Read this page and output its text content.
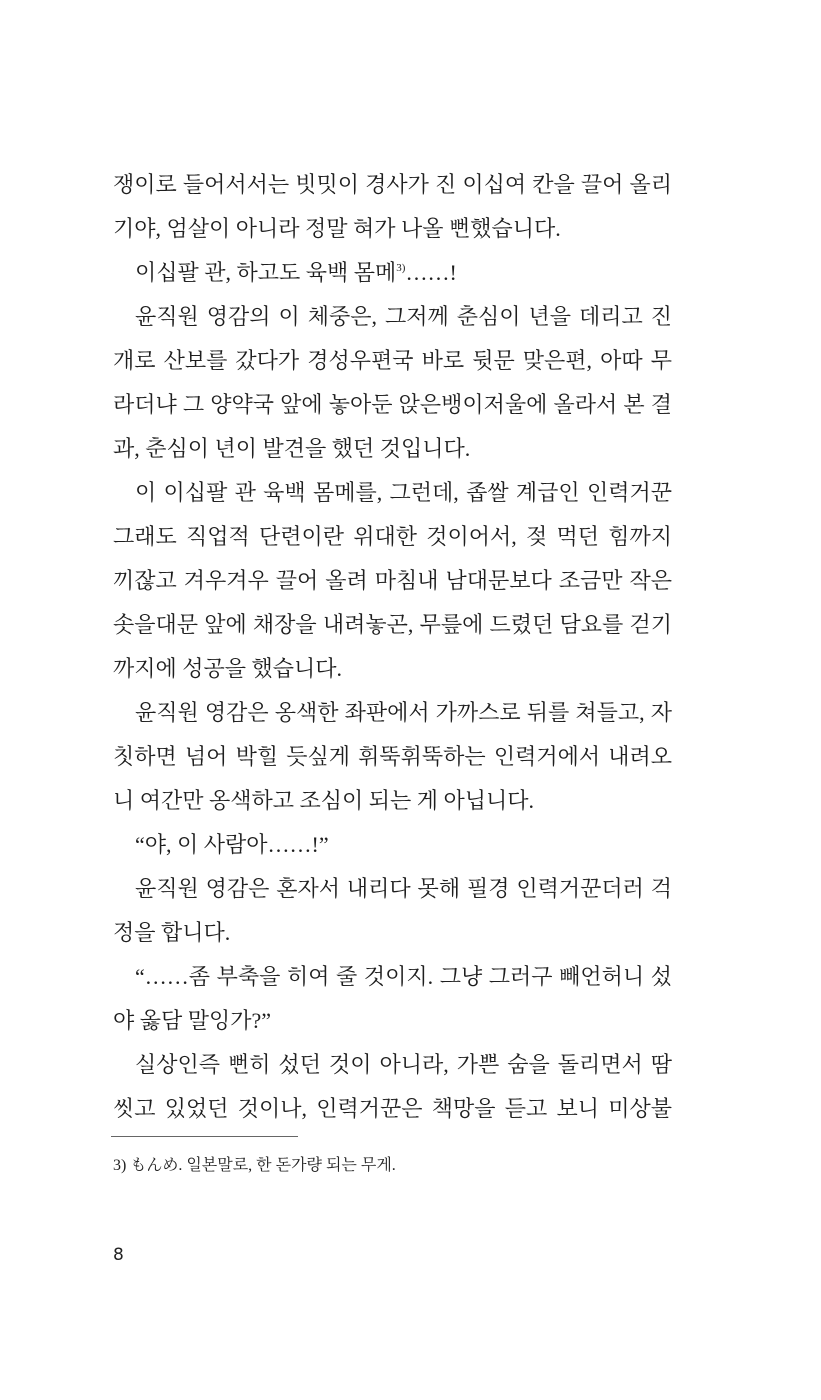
쟁이로 들어서서는 빗밋이 경사가 진 이십여 칸을 끌어 올리
기야, 엄살이 아니라 정말 혀가 나올 뻔했습니다.
이십팔 관, 하고도 육백 몸메$^{3)}$……!
윤직원 영감의 이 체중은, 그저께 춘심이 년을 데리고 진
개로 산보를 갔다가 경성우편국 바로 뒷문 맞은편, 아따 무
라더냐 그 양약국 앞에 놓아둔 앉은뱅이저울에 올라서 본 결
과, 춘심이 년이 발견을 했던 것입니다.
이 이십팔 관 육백 몸메를, 그런데, 좁쌀 계급인 인력거꾼
그래도 직업적 단련이란 위대한 것이어서, 젖 먹던 힘까지
끼잖고 겨우겨우 끌어 올려 마침내 남대문보다 조금만 작은
솟을대문 앞에 채장을 내려놓곤, 무릎에 드렸던 담요를 걷기
까지에 성공을 했습니다.
윤직원 영감은 옹색한 좌판에서 가까스로 뒤를 쳐들고, 자
칫하면 넘어 박힐 듯싶게 휘뚝휘뚝하는 인력거에서 내려오
니 여간만 옹색하고 조심이 되는 게 아닙니다.
“야, 이 사람아……!”
윤직원 영감은 혼자서 내리다 못해 필경 인력거꾼더러 걱
정을 합니다.
“……좀 부축을 히여 줄 것이지. 그냥 그러구 빼언허니 섰
야 옳담 말잉가?”
실상인즉 뻔히 섰던 것이 아니라, 가쁜 숨을 돌리면서 땀
씻고 있었던 것이나, 인력거꾼은 책망을 듣고 보니 미상불
3) もんめ. 일본말로, 한 돈가량 되는 무게.
8
